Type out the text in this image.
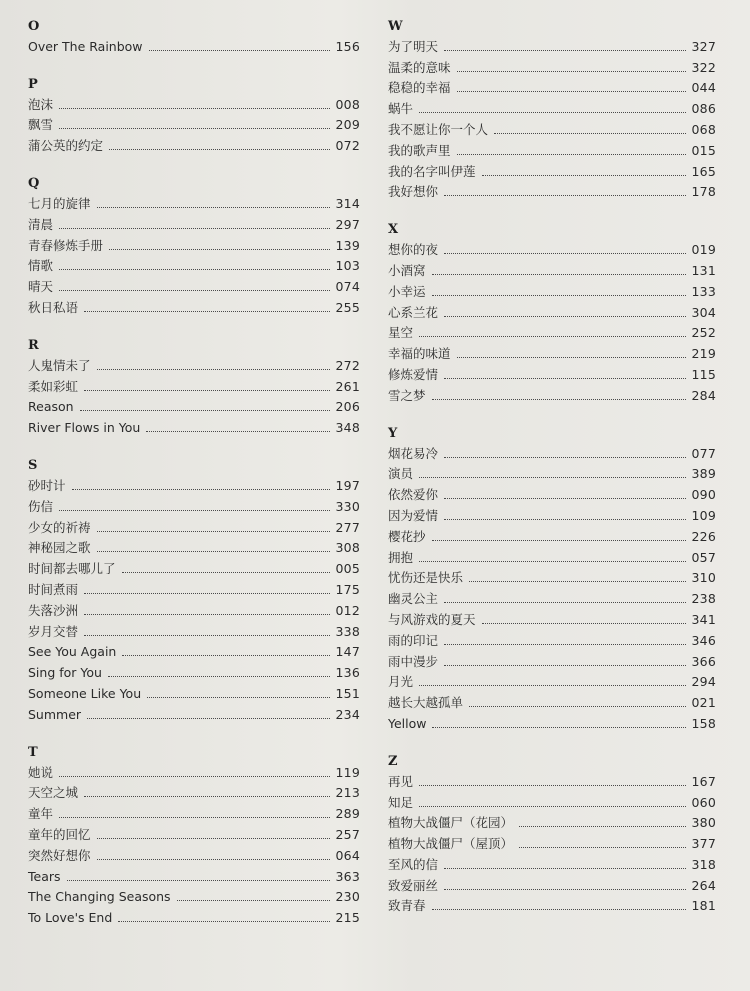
O
Over The Rainbow	156
P
泡沫	008
飘雪	209
蒲公英的约定	072
Q
七月的旋律	314
清晨	297
青春修炼手册	139
情歌	103
晴天	074
秋日私语	255
R
人鬼情未了	272
柔如彩虹	261
Reason	206
River Flows in You	348
S
砂时计	197
伤信	330
少女的祈祷	277
神秘园之歌	308
时间都去哪儿了	005
时间煮雨	175
失落沙洲	012
岁月交替	338
See You Again	147
Sing for You	136
Someone Like You	151
Summer	234
T
她说	119
天空之城	213
童年	289
童年的回忆	257
突然好想你	064
Tears	363
The Changing Seasons	230
To Love's End	215
W
为了明天	327
温柔的意味	322
稳稳的幸福	044
蜗牛	086
我不愿让你一个人	068
我的歌声里	015
我的名字叫伊莲	165
我好想你	178
X
想你的夜	019
小酒窝	131
小幸运	133
心系兰花	304
星空	252
幸福的味道	219
修炼爱情	115
雪之梦	284
Y
烟花易冷	077
演员	389
依然爱你	090
因为爱情	109
樱花抄	226
拥抱	057
忧伤还是快乐	310
幽灵公主	238
与风游戏的夏天	341
雨的印记	346
雨中漫步	366
月光	294
越长大越孤单	021
Yellow	158
Z
再见	167
知足	060
植物大战僵尸（花园）	380
植物大战僵尸（屋顶）	377
至风的信	318
致爱丽丝	264
致青春	181
